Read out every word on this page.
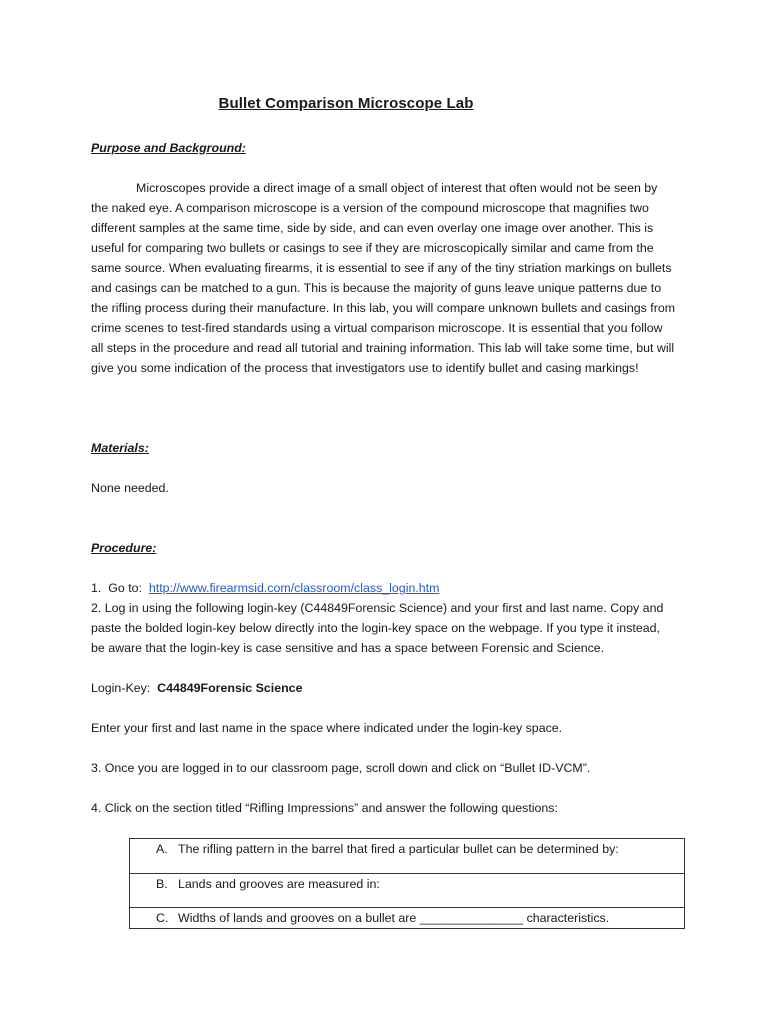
Bullet Comparison Microscope Lab
Purpose and Background:
Microscopes provide a direct image of a small object of interest that often would not be seen by the naked eye. A comparison microscope is a version of the compound microscope that magnifies two different samples at the same time, side by side, and can even overlay one image over another. This is useful for comparing two bullets or casings to see if they are microscopically similar and came from the same source. When evaluating firearms, it is essential to see if any of the tiny striation markings on bullets and casings can be matched to a gun. This is because the majority of guns leave unique patterns due to the rifling process during their manufacture. In this lab, you will compare unknown bullets and casings from crime scenes to test-fired standards using a virtual comparison microscope. It is essential that you follow all steps in the procedure and read all tutorial and training information. This lab will take some time, but will give you some indication of the process that investigators use to identify bullet and casing markings!
Materials:
None needed.
Procedure:
1.  Go to:  http://www.firearmsid.com/classroom/class_login.htm
2. Log in using the following login-key (C44849Forensic Science) and your first and last name. Copy and paste the bolded login-key below directly into the login-key space on the webpage. If you type it instead, be aware that the login-key is case sensitive and has a space between Forensic and Science.
Login-Key:  C44849Forensic Science
Enter your first and last name in the space where indicated under the login-key space.
3. Once you are logged in to our classroom page, scroll down and click on “Bullet ID-VCM”.
4. Click on the section titled “Rifling Impressions” and answer the following questions:
A. The rifling pattern in the barrel that fired a particular bullet can be determined by:
B. Lands and grooves are measured in:
C. Widths of lands and grooves on a bullet are _______________ characteristics.
